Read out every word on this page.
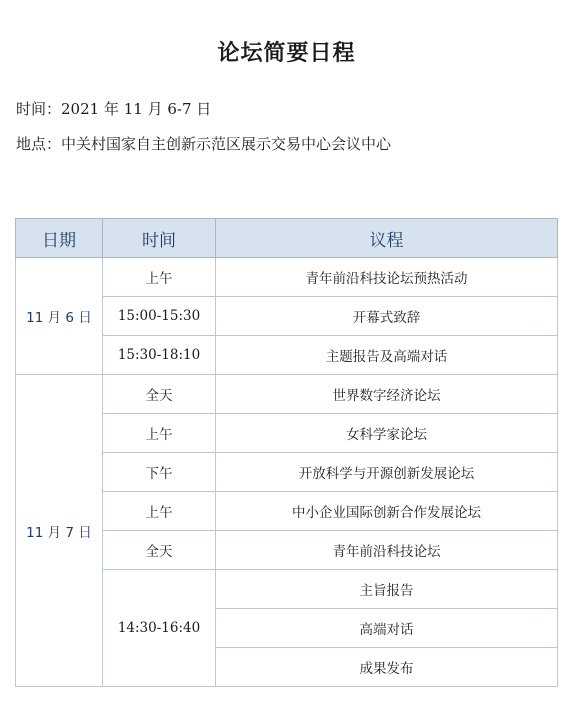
论坛简要日程
时间：2021 年 11 月 6-7 日
地点：中关村国家自主创新示范区展示交易中心会议中心
日期	时间	议程
11 月 6 日	上午	青年前沿科技论坛预热活动
	15:00-15:30	开幕式致辞
	15:30-18:10	主题报告及高端对话
11 月 7 日	全天	世界数字经济论坛
	上午	女科学家论坛
	下午	开放科学与开源创新发展论坛
	上午	中小企业国际创新合作发展论坛
	全天	青年前沿科技论坛
	14:30-16:40	主旨报告
		高端对话
		成果发布
